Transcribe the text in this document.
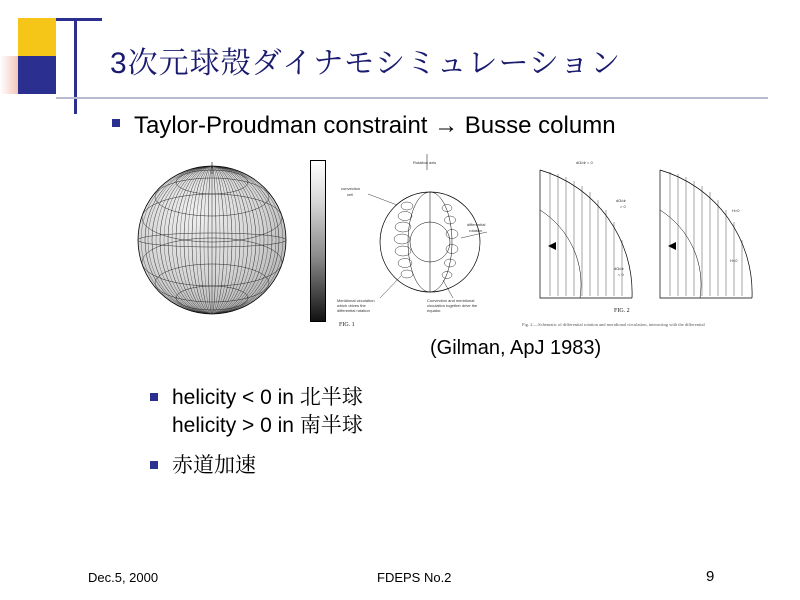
3次元球殻ダイナモシミュレーション
Taylor-Proudman constraint → Busse column
Rotation axis
convection
cell
differential
rotation
Meridional circulation
which drives the
differential rotation
Convection and meridional
circulation together drive the
equator.
FIG. 1
dΩ/dr = 0
dΩ/dr
> 0
dΩ/dr
< 0
H>0
H<0
FIG. 2
Fig. 2.—Schematic of differential rotation and meridional circulation, interacting with the differential
(Gilman, ApJ 1983)
helicity < 0 in 北半球
helicity > 0 in 南半球
赤道加速
Dec.5, 2000	FDEPS No.2	9
